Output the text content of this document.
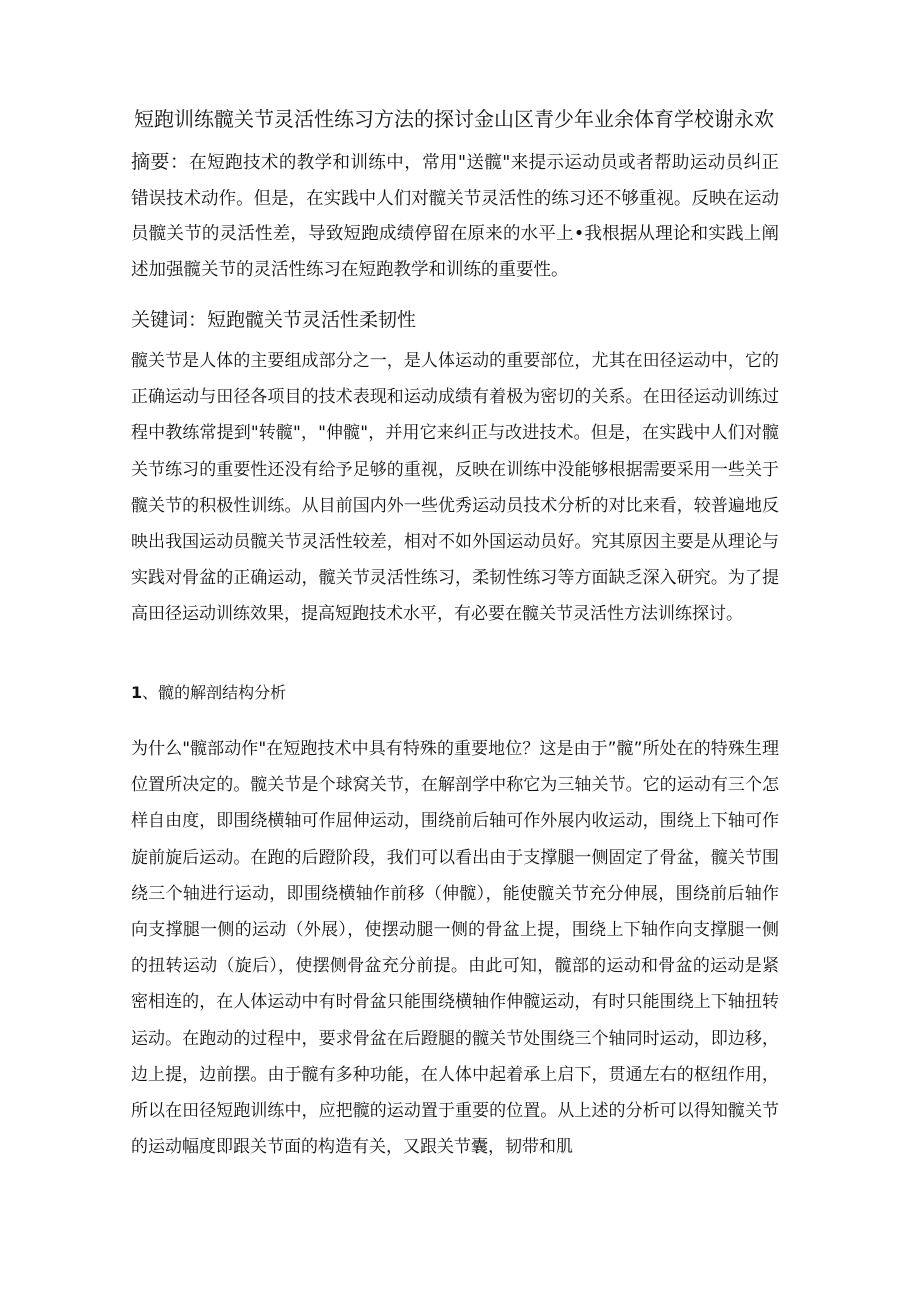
短跑训练髋关节灵活性练习方法的探讨金山区青少年业余体育学校谢永欢
摘要：在短跑技术的教学和训练中，常用"送髋"来提示运动员或者帮助运动员纠正错误技术动作。但是，在实践中人们对髋关节灵活性的练习还不够重视。反映在运动员髋关节的灵活性差，导致短跑成绩停留在原来的水平上•我根据从理论和实践上阐述加强髋关节的灵活性练习在短跑教学和训练的重要性。
关键词：短跑髋关节灵活性柔韧性
髋关节是人体的主要组成部分之一，是人体运动的重要部位，尤其在田径运动中，它的正确运动与田径各项目的技术表现和运动成绩有着极为密切的关系。在田径运动训练过程中教练常提到"转髋"，"伸髋"，并用它来纠正与改进技术。但是，在实践中人们对髋关节练习的重要性还没有给予足够的重视，反映在训练中没能够根据需要采用一些关于髋关节的积极性训练。从目前国内外一些优秀运动员技术分析的对比来看，较普遍地反映出我国运动员髋关节灵活性较差，相对不如外国运动员好。究其原因主要是从理论与实践对骨盆的正确运动，髋关节灵活性练习，柔韧性练习等方面缺乏深入研究。为了提高田径运动训练效果，提高短跑技术水平，有必要在髋关节灵活性方法训练探讨。
1、髋的解剖结构分析
为什么"髋部动作"在短跑技术中具有特殊的重要地位？这是由于”髋”所处在的特殊生理位置所决定的。髋关节是个球窝关节，在解剖学中称它为三轴关节。它的运动有三个怎样自由度，即围绕横轴可作屈伸运动，围绕前后轴可作外展内收运动，围绕上下轴可作旋前旋后运动。在跑的后蹬阶段，我们可以看出由于支撑腿一侧固定了骨盆，髋关节围绕三个轴进行运动，即围绕横轴作前移（伸髋），能使髋关节充分伸展，围绕前后轴作向支撑腿一侧的运动（外展），使摆动腿一侧的骨盆上提，围绕上下轴作向支撑腿一侧的扭转运动（旋后），使摆侧骨盆充分前提。由此可知，髋部的运动和骨盆的运动是紧密相连的，在人体运动中有时骨盆只能围绕横轴作伸髋运动，有时只能围绕上下轴扭转运动。在跑动的过程中，要求骨盆在后蹬腿的髋关节处围绕三个轴同时运动，即边移，边上提，边前摆。由于髋有多种功能，在人体中起着承上启下，贯通左右的枢纽作用，所以在田径短跑训练中，应把髋的运动置于重要的位置。从上述的分析可以得知髋关节的运动幅度即跟关节面的构造有关，又跟关节囊，韧带和肌
